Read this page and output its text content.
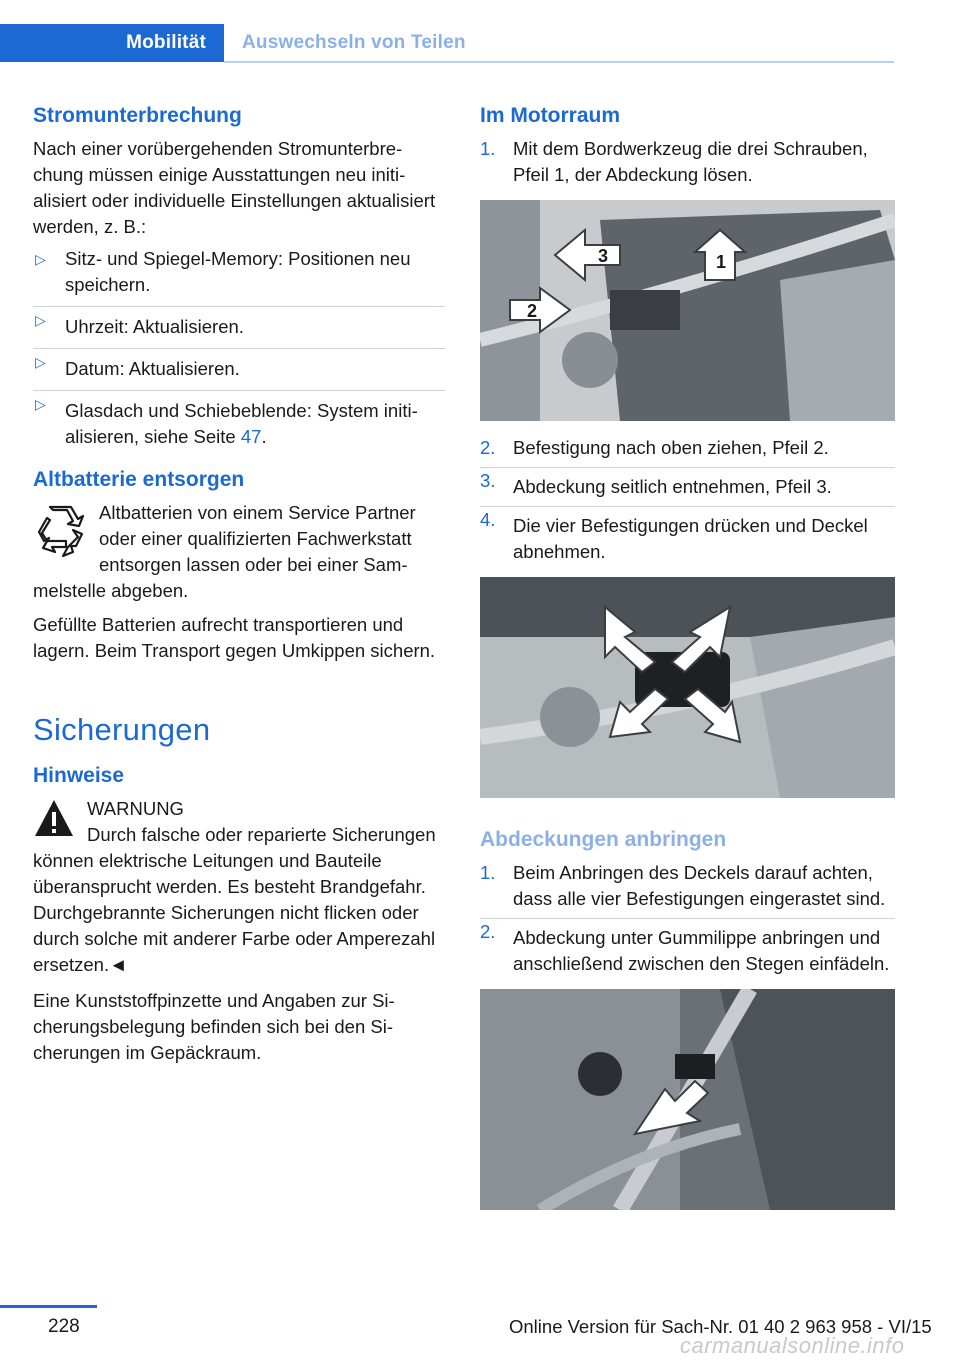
Mobilität	Auswechseln von Teilen
Stromunterbrechung

Nach einer vorübergehenden Stromunterbrechung müssen einige Ausstattungen neu initialisiert oder individuelle Einstellungen aktualisiert werden, z. B.:

▷ Sitz- und Spiegel-Memory: Positionen neu speichern.
▷ Uhrzeit: Aktualisieren.
▷ Datum: Aktualisieren.
▷ Glasdach und Schiebeblende: System initialisieren, siehe Seite 47.
Altbatterie entsorgen

Altbatterien von einem Service Partner oder einer qualifizierten Fachwerkstatt entsorgen lassen oder bei einer Sammelstelle abgeben.

Gefüllte Batterien aufrecht transportieren und lagern. Beim Transport gegen Umkippen sichern.

Sicherungen
Hinweise

WARNUNG

Durch falsche oder reparierte Sicherungen können elektrische Leitungen und Bauteile überansprucht werden. Es besteht Brandgefahr. Durchgebrannte Sicherungen nicht flicken oder durch solche mit anderer Farbe oder Amperezahl ersetzen.◄

Eine Kunststoffpinzette und Angaben zur Sicherungsbelegung befinden sich bei den Sicherungen im Gepäckraum.

Im Motorraum
1. Mit dem Bordwerkzeug die drei Schrauben, Pfeil 1, der Abdeckung lösen.
3	1
2
2. Befestigung nach oben ziehen, Pfeil 2.
3. Abdeckung seitlich entnehmen, Pfeil 3.
4. Die vier Befestigungen drücken und Deckel abnehmen.
Abdeckungen anbringen
1. Beim Anbringen des Deckels darauf achten, dass alle vier Befestigungen eingerastet sind.
2. Abdeckung unter Gummilippe anbringen und anschließend zwischen den Stegen einfädeln.
228	Online Version für Sach-Nr. 01 40 2 963 958 - VI/15
carmanualsonline.info
